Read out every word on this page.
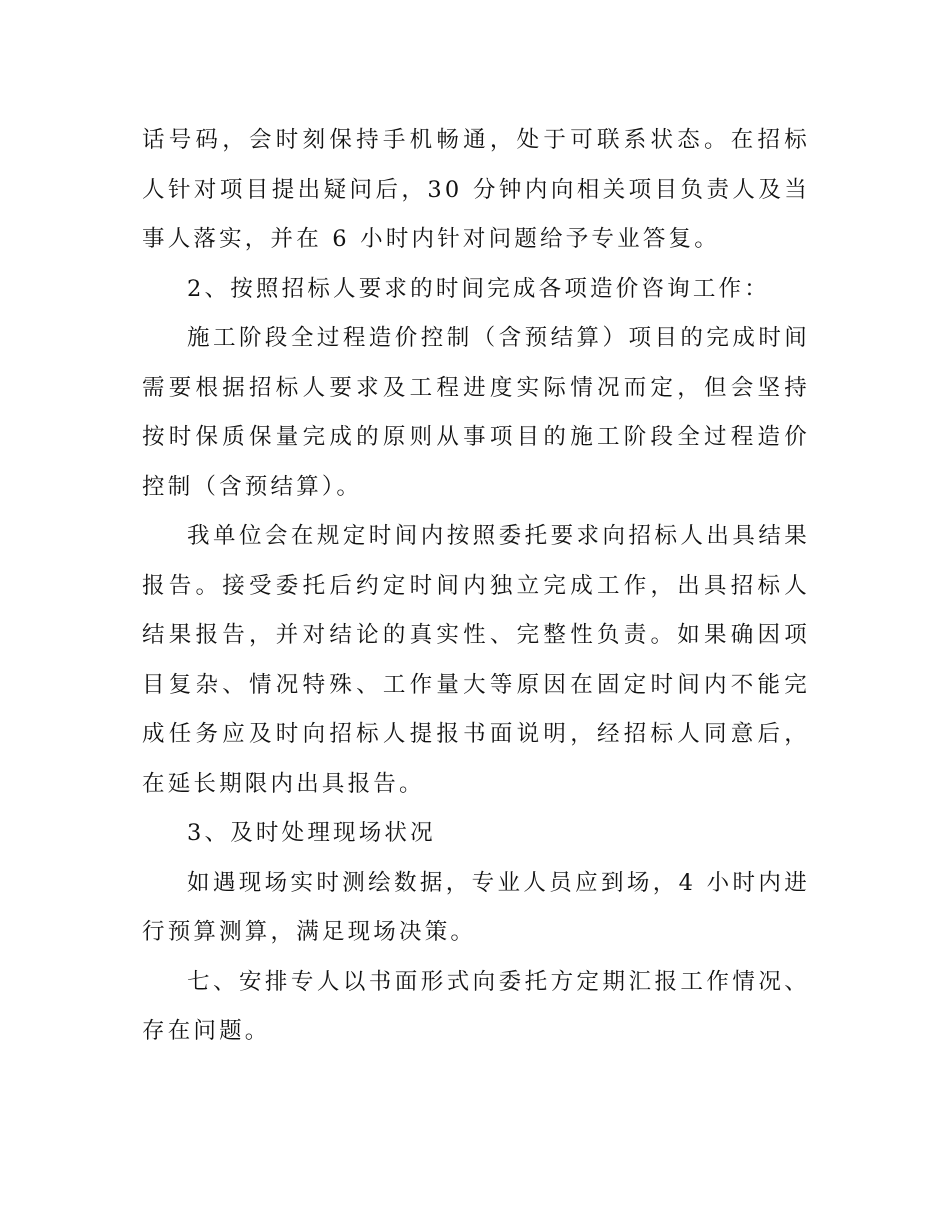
话号码，会时刻保持手机畅通，处于可联系状态。在招标人针对项目提出疑问后，30 分钟内向相关项目负责人及当事人落实，并在 6 小时内针对问题给予专业答复。

2、按照招标人要求的时间完成各项造价咨询工作：

施工阶段全过程造价控制（含预结算）项目的完成时间需要根据招标人要求及工程进度实际情况而定，但会坚持按时保质保量完成的原则从事项目的施工阶段全过程造价控制（含预结算）。

我单位会在规定时间内按照委托要求向招标人出具结果报告。接受委托后约定时间内独立完成工作，出具招标人结果报告，并对结论的真实性、完整性负责。如果确因项目复杂、情况特殊、工作量大等原因在固定时间内不能完成任务应及时向招标人提报书面说明，经招标人同意后，在延长期限内出具报告。

3、及时处理现场状况

如遇现场实时测绘数据，专业人员应到场，4 小时内进行预算测算，满足现场决策。

七、安排专人以书面形式向委托方定期汇报工作情况、存在问题。
